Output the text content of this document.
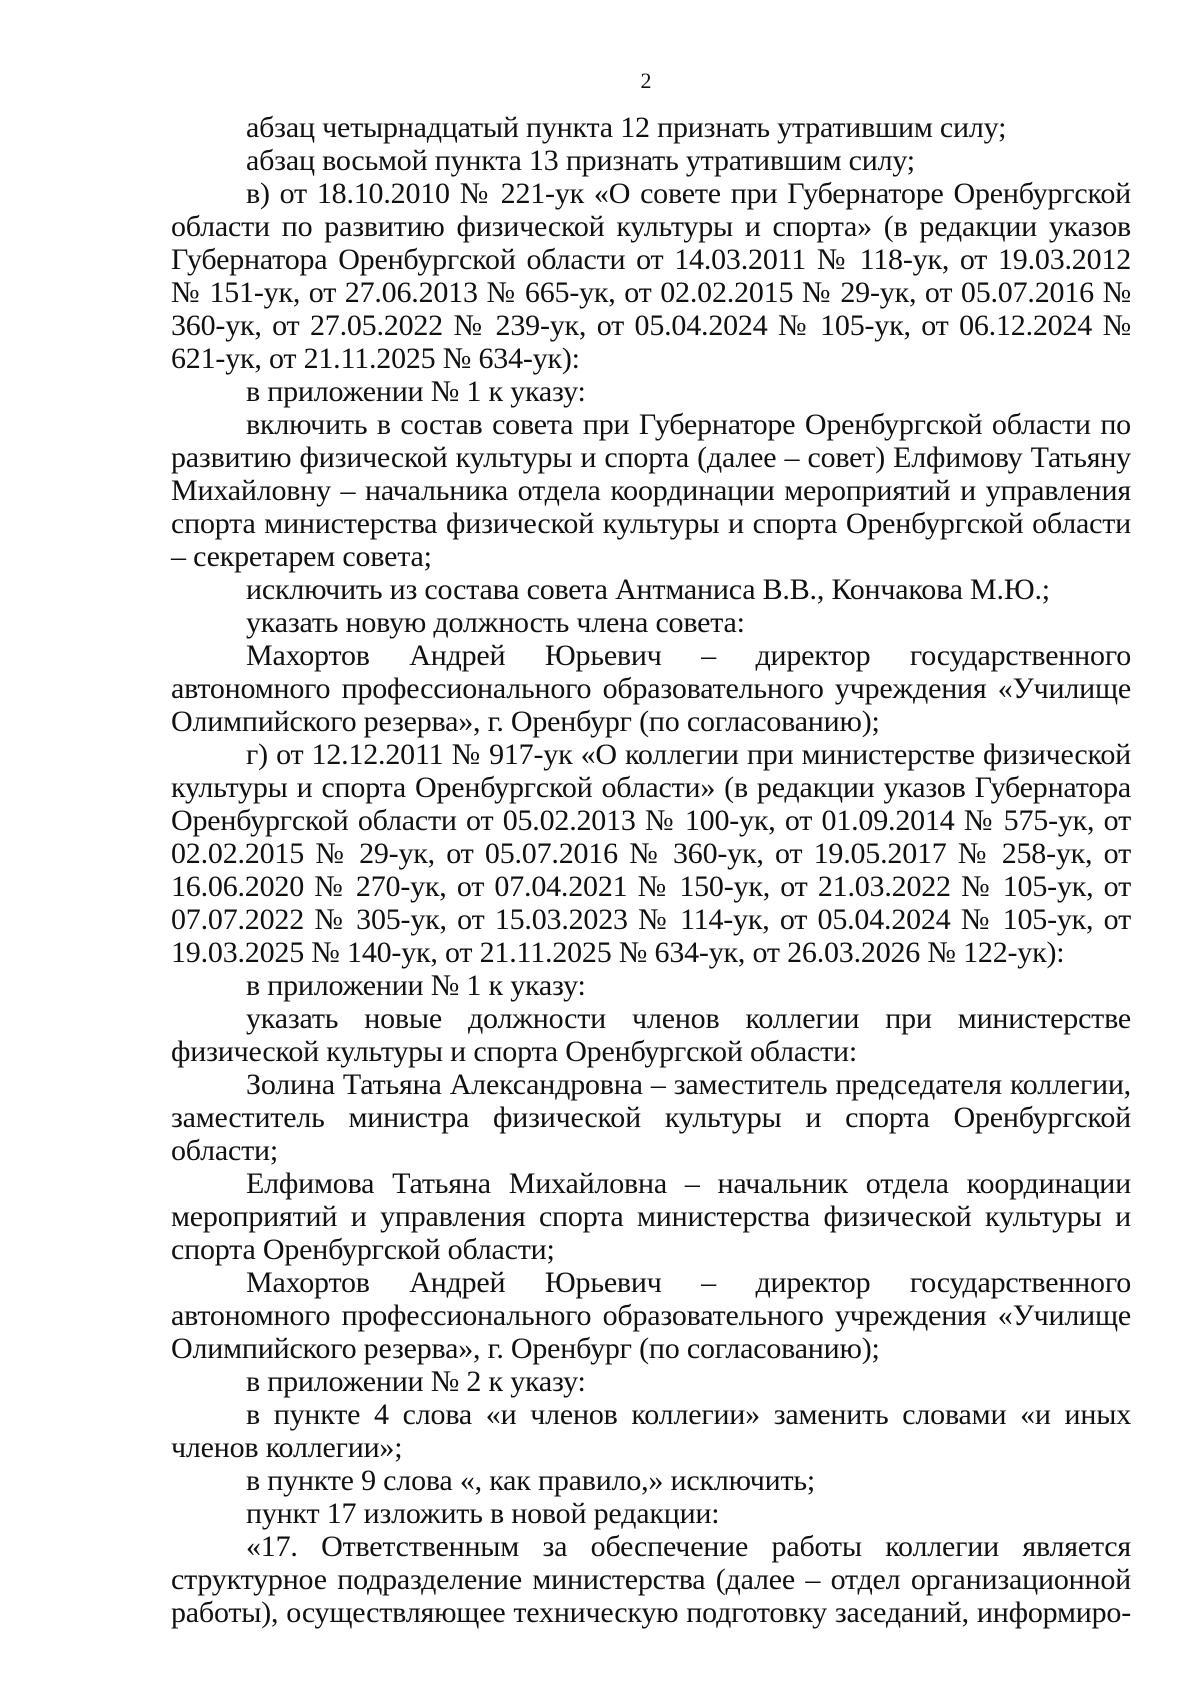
2

абзац четырнадцатый пункта 12 признать утратившим силу;

абзац восьмой пункта 13 признать утратившим силу;

в) от 18.10.2010 № 221-ук «О совете при Губернаторе Оренбургской области по развитию физической культуры и спорта» (в редакции указов Губернатора Оренбургской области от 14.03.2011 № 118-ук, от 19.03.2012 № 151-ук, от 27.06.2013 № 665-ук, от 02.02.2015 № 29-ук, от 05.07.2016 № 360-ук, от 27.05.2022 № 239-ук, от 05.04.2024 № 105-ук, от 06.12.2024 № 621-ук, от 21.11.2025 № 634-ук):

в приложении № 1 к указу:

включить в состав совета при Губернаторе Оренбургской области по развитию физической культуры и спорта (далее – совет) Елфимову Татьяну Михайловну – начальника отдела координации мероприятий и управления спорта министерства физической культуры и спорта Оренбургской области – секретарем совета;

исключить из состава совета Антманиса В.В., Кончакова М.Ю.;

указать новую должность члена совета:

Махортов Андрей Юрьевич – директор государственного автономного профессионального образовательного учреждения «Училище Олимпийского резерва», г. Оренбург (по согласованию);

г) от 12.12.2011 № 917-ук «О коллегии при министерстве физической культуры и спорта Оренбургской области» (в редакции указов Губернатора Оренбургской области от 05.02.2013 № 100-ук, от 01.09.2014 № 575-ук, от 02.02.2015 № 29-ук, от 05.07.2016 № 360-ук, от 19.05.2017 № 258-ук, от 16.06.2020 № 270-ук, от 07.04.2021 № 150-ук, от 21.03.2022 № 105-ук, от 07.07.2022 № 305-ук, от 15.03.2023 № 114-ук, от 05.04.2024 № 105-ук, от 19.03.2025 № 140-ук, от 21.11.2025 № 634-ук, от 26.03.2026 № 122-ук):

в приложении № 1 к указу:

указать новые должности членов коллегии при министерстве физической культуры и спорта Оренбургской области:

Золина Татьяна Александровна – заместитель председателя коллегии, заместитель министра физической культуры и спорта Оренбургской области;

Елфимова Татьяна Михайловна – начальник отдела координации мероприятий и управления спорта министерства физической культуры и спорта Оренбургской области;

Махортов Андрей Юрьевич – директор государственного автономного профессионального образовательного учреждения «Училище Олимпийского резерва», г. Оренбург (по согласованию);

в приложении № 2 к указу:

в пункте 4 слова «и членов коллегии» заменить словами «и иных членов коллегии»;

в пункте 9 слова «, как правило,» исключить;

пункт 17 изложить в новой редакции:

«17. Ответственным за обеспечение работы коллегии является структурное подразделение министерства (далее – отдел организационной работы), осуществляющее техническую подготовку заседаний, информиро-
